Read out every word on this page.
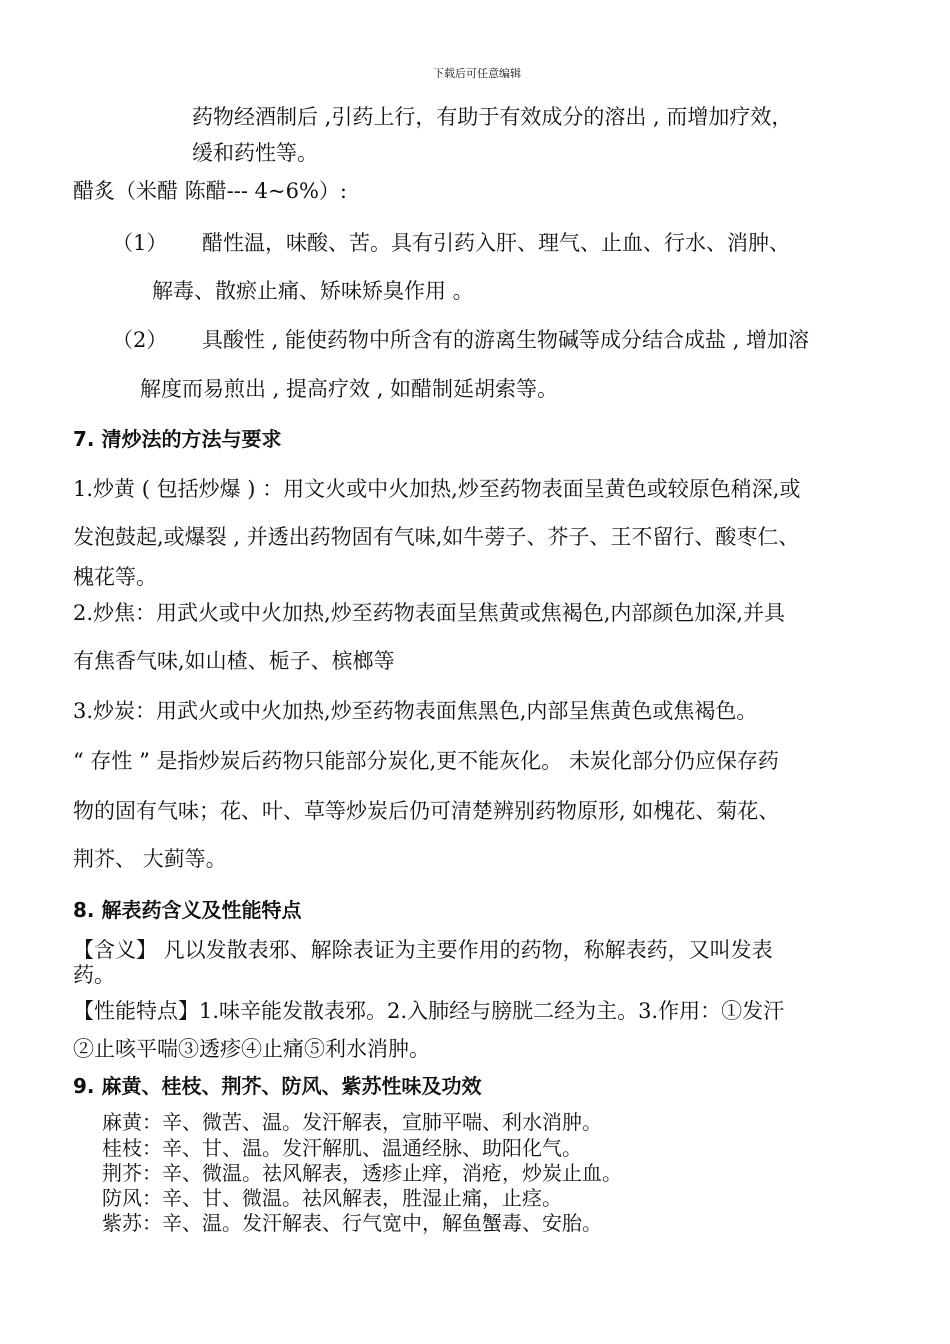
下载后可任意编辑
药物经酒制后 ,引药上行，有助于有效成分的溶出 , 而增加疗效，
缓和药性等。
醋炙（米醋 陈醋--- 4~6%）:
（1） 醋性温，味酸、苦。具有引药入肝、理气、止血、行水、消肿、
解毒、散瘀止痛、矫味矫臭作用 。
（2） 具酸性 , 能使药物中所含有的游离生物碱等成分结合成盐 , 增加溶
解度而易煎出 , 提高疗效 , 如醋制延胡索等。
7. 清炒法的方法与要求
1.炒黄 ( 包括炒爆 ) ：用文火或中火加热,炒至药物表面呈黄色或较原色稍深,或
发泡鼓起,或爆裂 , 并透出药物固有气味,如牛蒡子、芥子、王不留行、酸枣仁、
槐花等。
2.炒焦：用武火或中火加热,炒至药物表面呈焦黄或焦褐色,内部颜色加深,并具
有焦香气味,如山楂、栀子、槟榔等
3.炒炭：用武火或中火加热,炒至药物表面焦黑色,内部呈焦黄色或焦褐色。
“ 存性 ” 是指炒炭后药物只能部分炭化,更不能灰化。 未炭化部分仍应保存药
物的固有气味；花、叶、草等炒炭后仍可清楚辨别药物原形, 如槐花、菊花、
荆芥、 大蓟等。
8. 解表药含义及性能特点
【含义】 凡以发散表邪、解除表证为主要作用的药物，称解表药，又叫发表
药。
【性能特点】1.味辛能发散表邪。2.入肺经与膀胱二经为主。3.作用：①发汗
②止咳平喘③透疹④止痛⑤利水消肿。
9. 麻黄、桂枝、荆芥、防风、紫苏性味及功效
麻黄：辛、微苦、温。发汗解表，宣肺平喘、利水消肿。
桂枝：辛、甘、温。发汗解肌、温通经脉、助阳化气。
荆芥：辛、微温。祛风解表，透疹止痒，消疮，炒炭止血。
防风：辛、甘、微温。祛风解表，胜湿止痛，止痉。
紫苏：辛、温。发汗解表、行气宽中，解鱼蟹毒、安胎。
